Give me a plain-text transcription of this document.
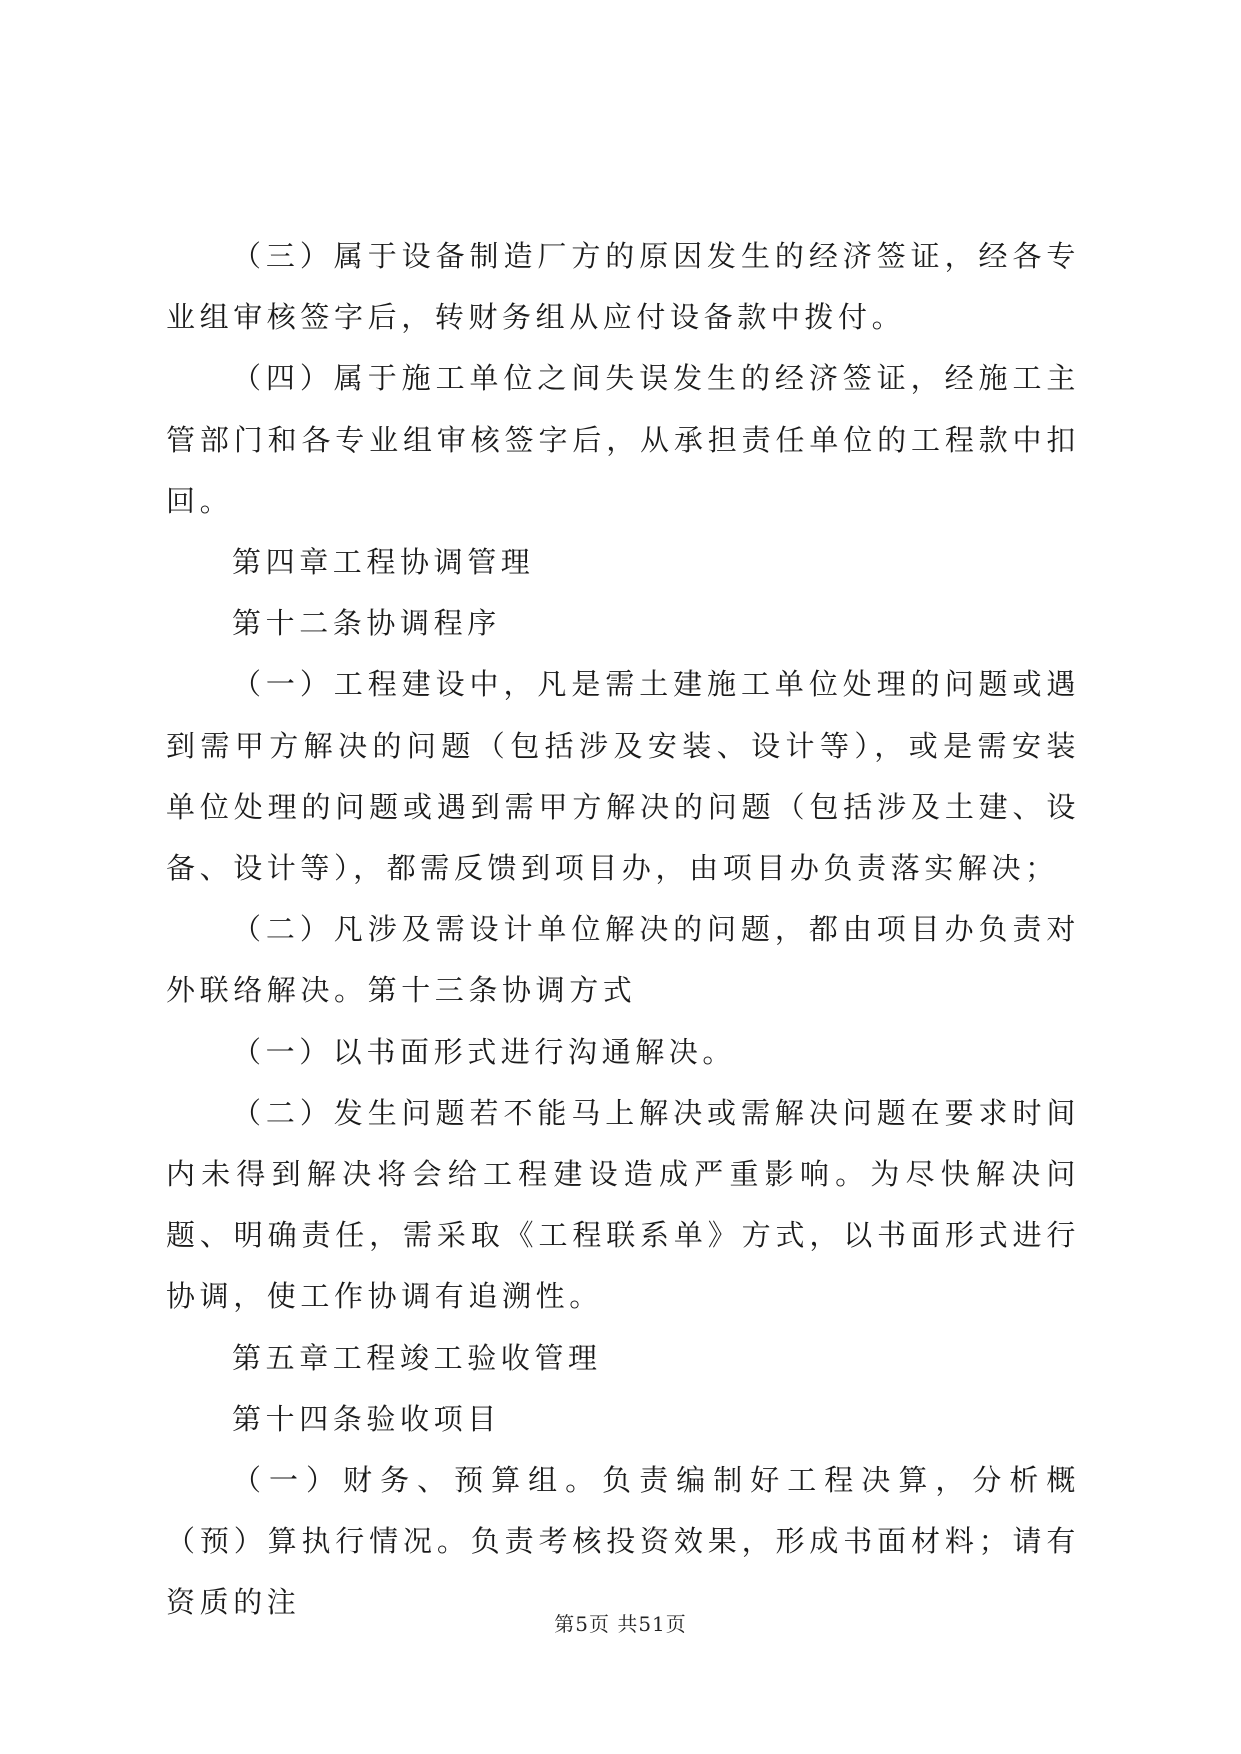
（三）属于设备制造厂方的原因发生的经济签证，经各专业组审核签字后，转财务组从应付设备款中拨付。

（四）属于施工单位之间失误发生的经济签证，经施工主管部门和各专业组审核签字后，从承担责任单位的工程款中扣回。

第四章工程协调管理

第十二条协调程序

（一）工程建设中，凡是需土建施工单位处理的问题或遇到需甲方解决的问题（包括涉及安装、设计等），或是需安装单位处理的问题或遇到需甲方解决的问题（包括涉及土建、设备、设计等），都需反馈到项目办，由项目办负责落实解决；

（二）凡涉及需设计单位解决的问题，都由项目办负责对外联络解决。第十三条协调方式

（一）以书面形式进行沟通解决。

（二）发生问题若不能马上解决或需解决问题在要求时间内未得到解决将会给工程建设造成严重影响。为尽快解决问题、明确责任，需采取《工程联系单》方式，以书面形式进行协调，使工作协调有追溯性。

第五章工程竣工验收管理

第十四条验收项目

（一）财务、预算组。负责编制好工程决算，分析概（预）算执行情况。负责考核投资效果，形成书面材料；请有资质的注

第5页 共51页
